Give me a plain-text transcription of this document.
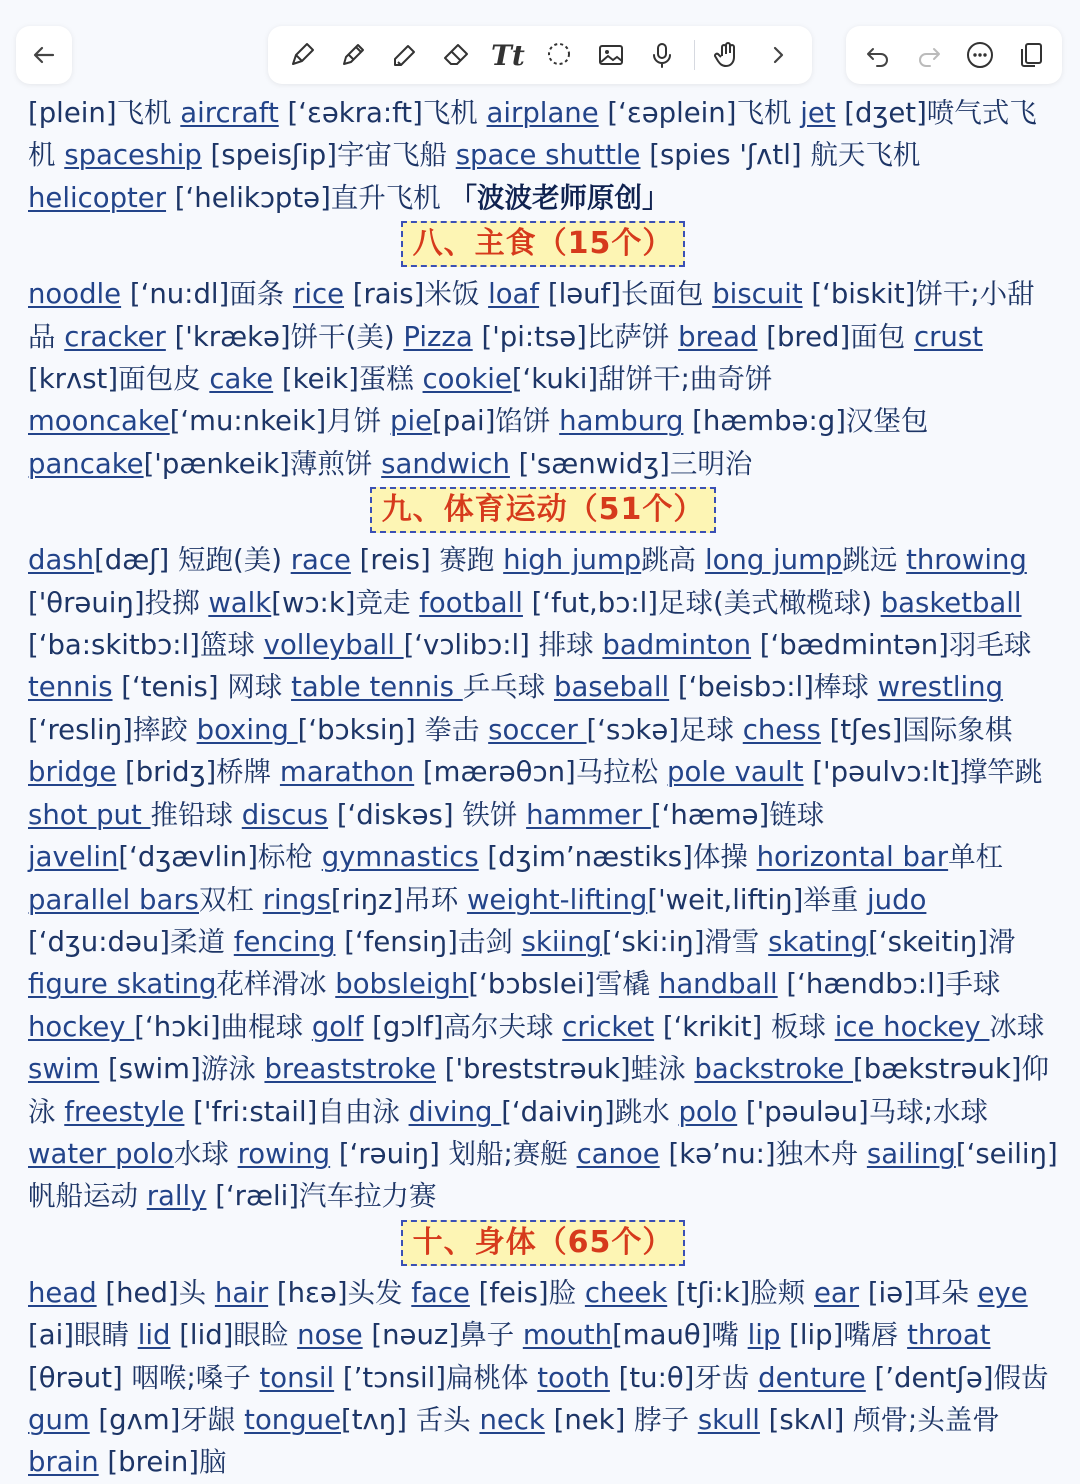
Tt

[plein]飞机 aircraft [‘ɛəkra:ft]飞机 airplane [‘ɛəplein]飞机 jet [dʒet]喷气式飞机 spaceship [speisʃip]宇宙飞船 space shuttle [spies 'ʃʌtl] 航天飞机 helicopter [‘helikɔptə]直升飞机 「波波老师原创」

八、主食（15个）

noodle [‘nu:dl]面条 rice [rais]米饭 loaf [ləuf]长面包 biscuit [‘biskit]饼干;小甜品 cracker ['krækə]饼干(美) Pizza ['pi:tsə]比萨饼 bread [bred]面包 crust [krʌst]面包皮 cake [keik]蛋糕 cookie[‘kuki]甜饼干;曲奇饼 mooncake[‘mu:nkeik]月饼 pie[pai]馅饼 hamburg [hæmbə:g]汉堡包 pancake['pænkeik]薄煎饼 sandwich ['sænwidʒ]三明治

九、体育运动（51个）

dash[dæʃ] 短跑(美) race [reis] 赛跑 high jump跳高 long jump跳远 throwing ['θrəuiŋ]投掷 walk[wɔ:k]竞走 football [‘fut,bɔ:l]足球(美式橄榄球) basketball [‘ba:skitbɔ:l]篮球 volleyball [‘vɔlibɔ:l] 排球 badminton [‘bædmintən]羽毛球 tennis [‘tenis] 网球 table tennis 乒乓球 baseball [‘beisbɔ:l]棒球 wrestling [‘resliŋ]摔跤 boxing [‘bɔksiŋ] 拳击 soccer [‘sɔkə]足球 chess [tʃes]国际象棋 bridge [bridʒ]桥牌 marathon [mærəθɔn]马拉松 pole vault ['pəulvɔ:lt]撑竿跳 shot put 推铅球 discus [‘diskəs] 铁饼 hammer [‘hæmə]链球 javelin[‘dʒævlin]标枪 gymnastics [dʒim’næstiks]体操 horizontal bar单杠 parallel bars双杠 rings[riŋz]吊环 weight-lifting['weit,liftiŋ]举重 judo [‘dʒu:dəu]柔道 fencing [‘fensiŋ]击剑 skiing[‘ski:iŋ]滑雪 skating[‘skeitiŋ]滑 figure skating花样滑冰 bobsleigh[‘bɔbslei]雪橇 handball [‘hændbɔ:l]手球 hockey [‘hɔki]曲棍球 golf [gɔlf]高尔夫球 cricket [‘krikit] 板球 ice hockey 冰球 swim [swim]游泳 breaststroke ['breststrəuk]蛙泳 backstroke [bækstrəuk]仰泳 freestyle ['fri:stail]自由泳 diving [‘daiviŋ]跳水 polo ['pəuləu]马球;水球 water polo水球 rowing [‘rəuiŋ] 划船;赛艇 canoe [kə’nu:]独木舟 sailing[‘seiliŋ]帆船运动 rally [‘ræli]汽车拉力赛

十、身体（65个）

head [hed]头 hair [hɛə]头发 face [feis]脸 cheek [tʃi:k]脸颊 ear [iə]耳朵 eye [ai]眼睛 lid [lid]眼睑 nose [nəuz]鼻子 mouth[mauθ]嘴 lip [lip]嘴唇 throat [θrəut] 咽喉;嗓子 tonsil [’tɔnsil]扁桃体 tooth [tu:θ]牙齿 denture [’dentʃə]假齿 gum [gʌm]牙龈 tongue[tʌŋ] 舌头 neck [nek] 脖子 skull [skʌl] 颅骨;头盖骨 brain [brein]脑
